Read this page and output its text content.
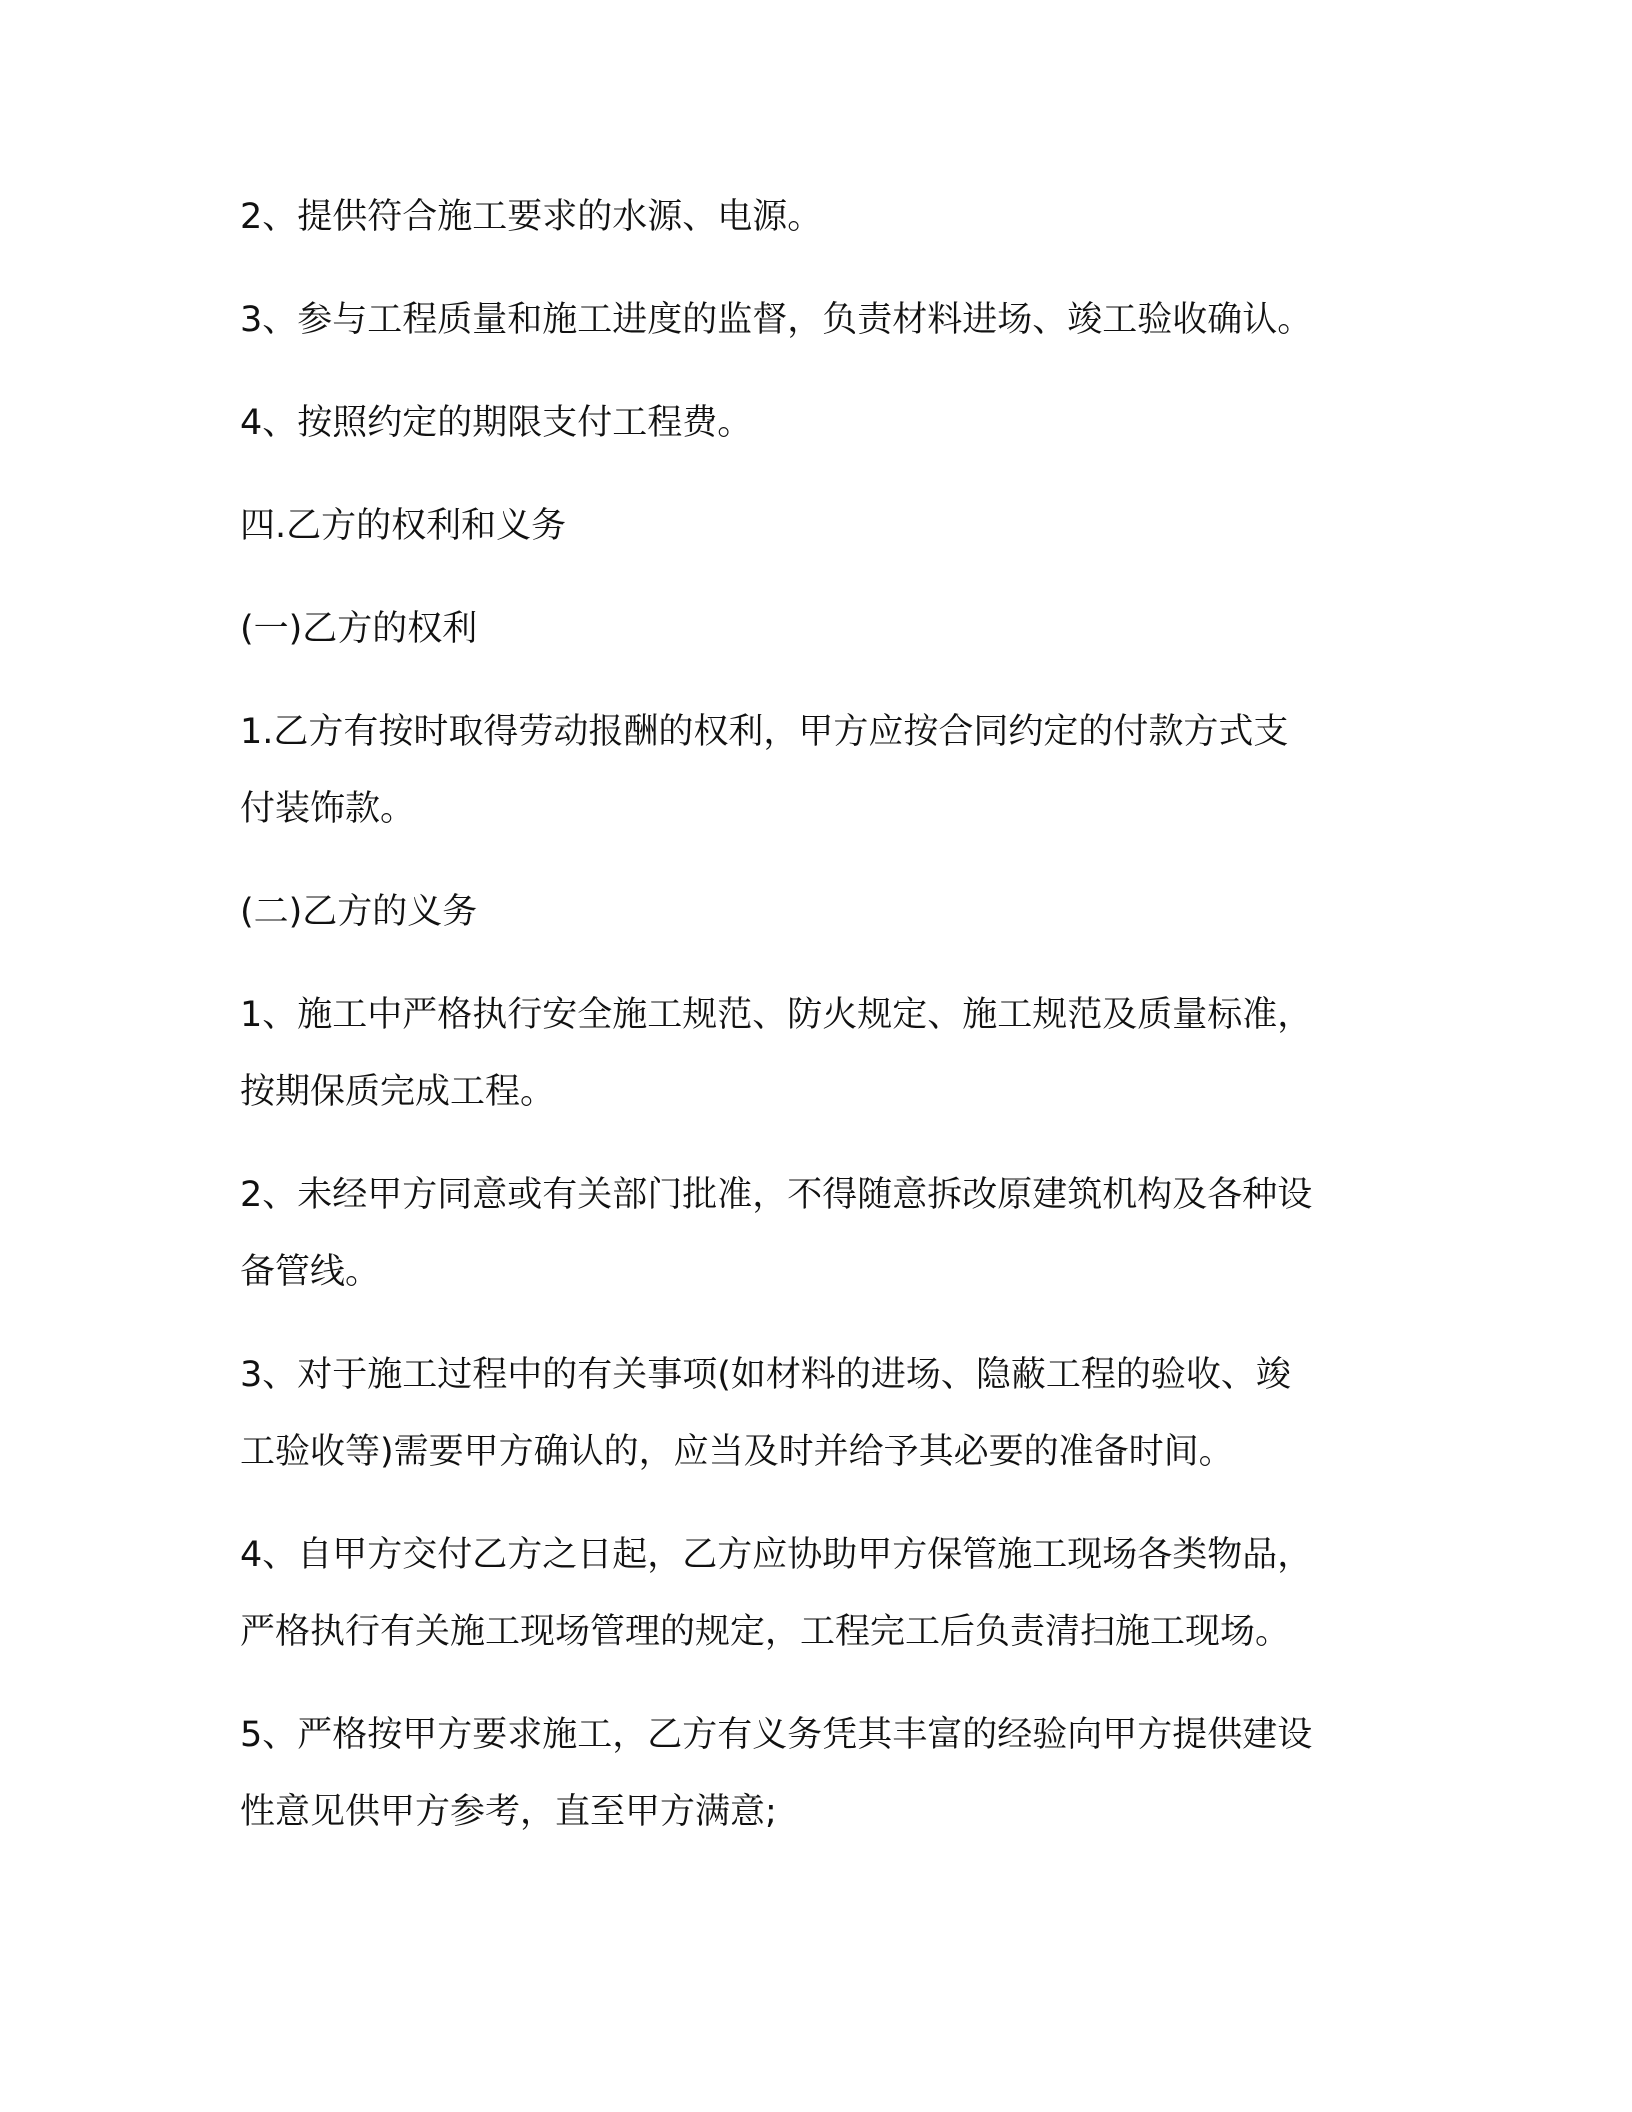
2、提供符合施工要求的水源、电源。
3、参与工程质量和施工进度的监督，负责材料进场、竣工验收确认。
4、按照约定的期限支付工程费。
四.乙方的权利和义务
(一)乙方的权利
1.乙方有按时取得劳动报酬的权利，甲方应按合同约定的付款方式支
付装饰款。
(二)乙方的义务
1、施工中严格执行安全施工规范、防火规定、施工规范及质量标准，
按期保质完成工程。
2、未经甲方同意或有关部门批准，不得随意拆改原建筑机构及各种设
备管线。
3、对于施工过程中的有关事项(如材料的进场、隐蔽工程的验收、竣
工验收等)需要甲方确认的，应当及时并给予其必要的准备时间。
4、自甲方交付乙方之日起，乙方应协助甲方保管施工现场各类物品，
严格执行有关施工现场管理的规定，工程完工后负责清扫施工现场。
5、严格按甲方要求施工，乙方有义务凭其丰富的经验向甲方提供建设
性意见供甲方参考，直至甲方满意;
